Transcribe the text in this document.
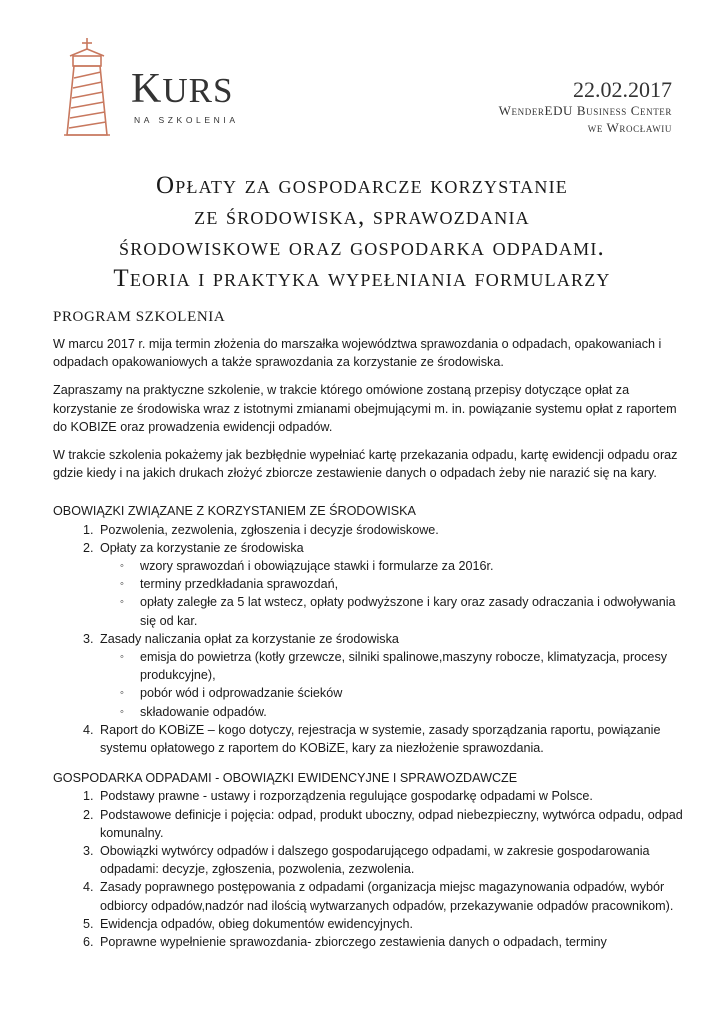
KURS
NA SZKOLENIA
22.02.2017
WenderEDU Business Center
we Wrocławiu
Opłaty za gospodarcze korzystanie
ze środowiska, sprawozdania
środowiskowe oraz gospodarka odpadami.
Teoria i praktyka wypełniania formularzy
PROGRAM SZKOLENIA

W marcu 2017 r. mija termin złożenia do marszałka województwa sprawozdania o odpadach, opakowaniach i odpadach opakowaniowych a także sprawozdania za korzystanie ze środowiska.

Zapraszamy na praktyczne szkolenie, w trakcie którego omówione zostaną przepisy dotyczące opłat za korzystanie ze środowiska wraz z istotnymi zmianami obejmującymi m. in. powiązanie systemu opłat z raportem do KOBIZE oraz prowadzenia ewidencji odpadów.

W trakcie szkolenia pokażemy jak bezbłędnie wypełniać kartę przekazania odpadu, kartę ewidencji odpadu oraz gdzie kiedy i na jakich drukach złożyć zbiorcze zestawienie danych o odpadach żeby nie narazić się na kary.

OBOWIĄZKI ZWIĄZANE Z KORZYSTANIEM ZE ŚRODOWISKA
1. Pozwolenia, zezwolenia, zgłoszenia i decyzje środowiskowe.
2. Opłaty za korzystanie ze środowiska
◦ wzory sprawozdań i obowiązujące stawki i formularze za 2016r.
◦ terminy przedkładania sprawozdań,
◦ opłaty zaległe za 5 lat wstecz, opłaty podwyższone i kary oraz zasady odraczania i odwoływania się od kar.
3. Zasady naliczania opłat za korzystanie ze środowiska
◦ emisja do powietrza (kotły grzewcze, silniki spalinowe,maszyny robocze, klimatyzacja, procesy produkcyjne),
◦ pobór wód i odprowadzanie ścieków
◦ składowanie odpadów.
4. Raport do KOBiZE – kogo dotyczy, rejestracja w systemie, zasady sporządzania raportu, powiązanie systemu opłatowego z raportem do KOBiZE, kary za niezłożenie sprawozdania.
GOSPODARKA ODPADAMI - OBOWIĄZKI EWIDENCYJNE I SPRAWOZDAWCZE
1. Podstawy prawne - ustawy i rozporządzenia regulujące gospodarkę odpadami w Polsce.
2. Podstawowe definicje i pojęcia: odpad, produkt uboczny, odpad niebezpieczny, wytwórca odpadu, odpad komunalny.
3. Obowiązki wytwórcy odpadów i dalszego gospodarującego odpadami, w zakresie gospodarowania odpadami: decyzje, zgłoszenia, pozwolenia, zezwolenia.
4. Zasady poprawnego postępowania z odpadami (organizacja miejsc magazynowania odpadów, wybór odbiorcy odpadów,nadzór nad ilością wytwarzanych odpadów, przekazywanie odpadów pracownikom).
5. Ewidencja odpadów, obieg dokumentów ewidencyjnych.
6. Poprawne wypełnienie sprawozdania- zbiorczego zestawienia danych o odpadach, terminy
